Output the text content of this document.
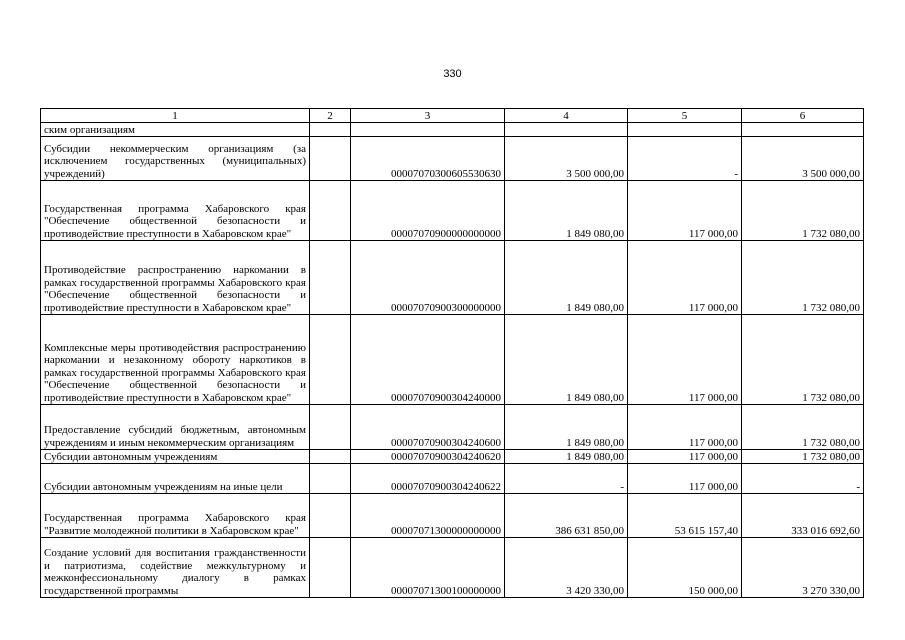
330
1	2	3	4	5	6
ским организациям					
Субсидии некоммерческим организациям (за исключением государственных (муниципальных) учреждений)		00007070300605530630	3 500 000,00	-	3 500 000,00
Государственная программа Хабаровского края "Обеспечение общественной безопасности и противодействие преступности в Хабаровском крае"		00007070900000000000	1 849 080,00	117 000,00	1 732 080,00
Противодействие распространению наркомании в рамках государственной программы Хабаровского края "Обеспечение общественной безопасности и противодействие преступности в Хабаровском крае"		00007070900300000000	1 849 080,00	117 000,00	1 732 080,00
Комплексные меры противодействия распространению наркомании и незаконному обороту наркотиков в рамках государственной программы Хабаровского края "Обеспечение общественной безопасности и противодействие преступности в Хабаровском крае"		00007070900304240000	1 849 080,00	117 000,00	1 732 080,00
Предоставление субсидий бюджетным, автономным учреждениям и иным некоммерческим организациям		00007070900304240600	1 849 080,00	117 000,00	1 732 080,00
Субсидии автономным учреждениям		00007070900304240620	1 849 080,00	117 000,00	1 732 080,00
Субсидии автономным учреждениям на иные цели		00007070900304240622	-	117 000,00	-
Государственная программа Хабаровского края "Развитие молодежной политики в Хабаровском крае"		00007071300000000000	386 631 850,00	53 615 157,40	333 016 692,60
Создание условий для воспитания гражданственности и патриотизма, содействие межкультурному и межконфессиональному диалогу в рамках государственной программы		00007071300100000000	3 420 330,00	150 000,00	3 270 330,00
